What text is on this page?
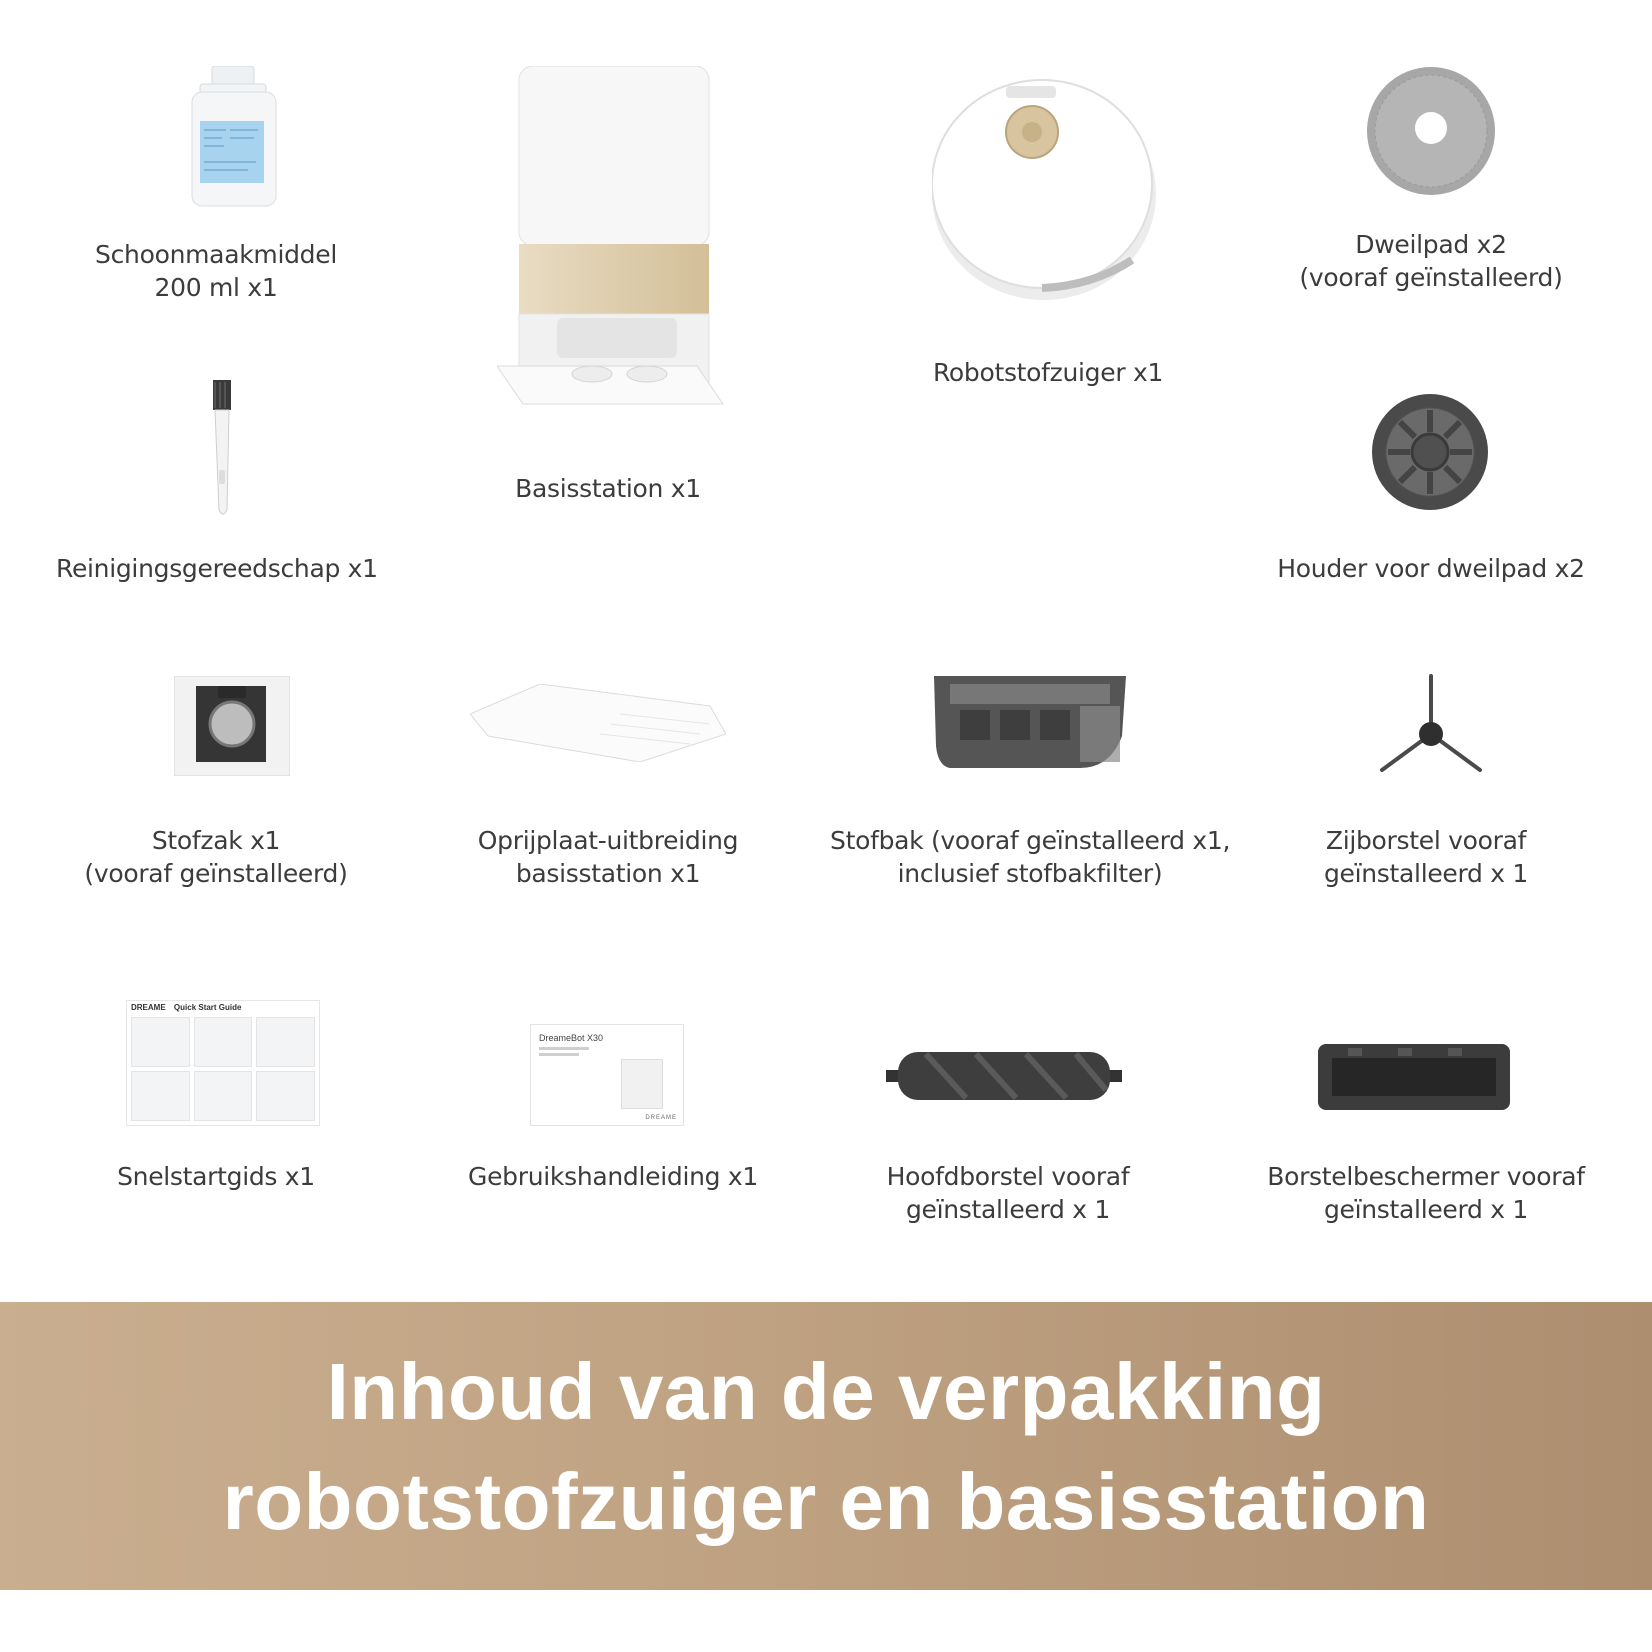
DREAME Quick Start Guide
DreameBot X30
DREAME
Schoonmaakmiddel
200 ml x1
Basisstation x1
Robotstofzuiger x1
Dweilpad x2
(vooraf geïnstalleerd)
Reinigingsgereedschap x1	Houder voor dweilpad x2
Stofzak x1
(vooraf geïnstalleerd)
Oprijplaat-uitbreiding
basisstation x1
Stofbak (vooraf geïnstalleerd x1,
inclusief stofbakfilter)
Zijborstel vooraf
geïnstalleerd x 1
Snelstartgids x1	Gebruikshandleiding x1	Hoofdborstel vooraf
geïnstalleerd x 1
Borstelbeschermer vooraf
geïnstalleerd x 1
Inhoud van de verpakking
robotstofzuiger en basisstation
